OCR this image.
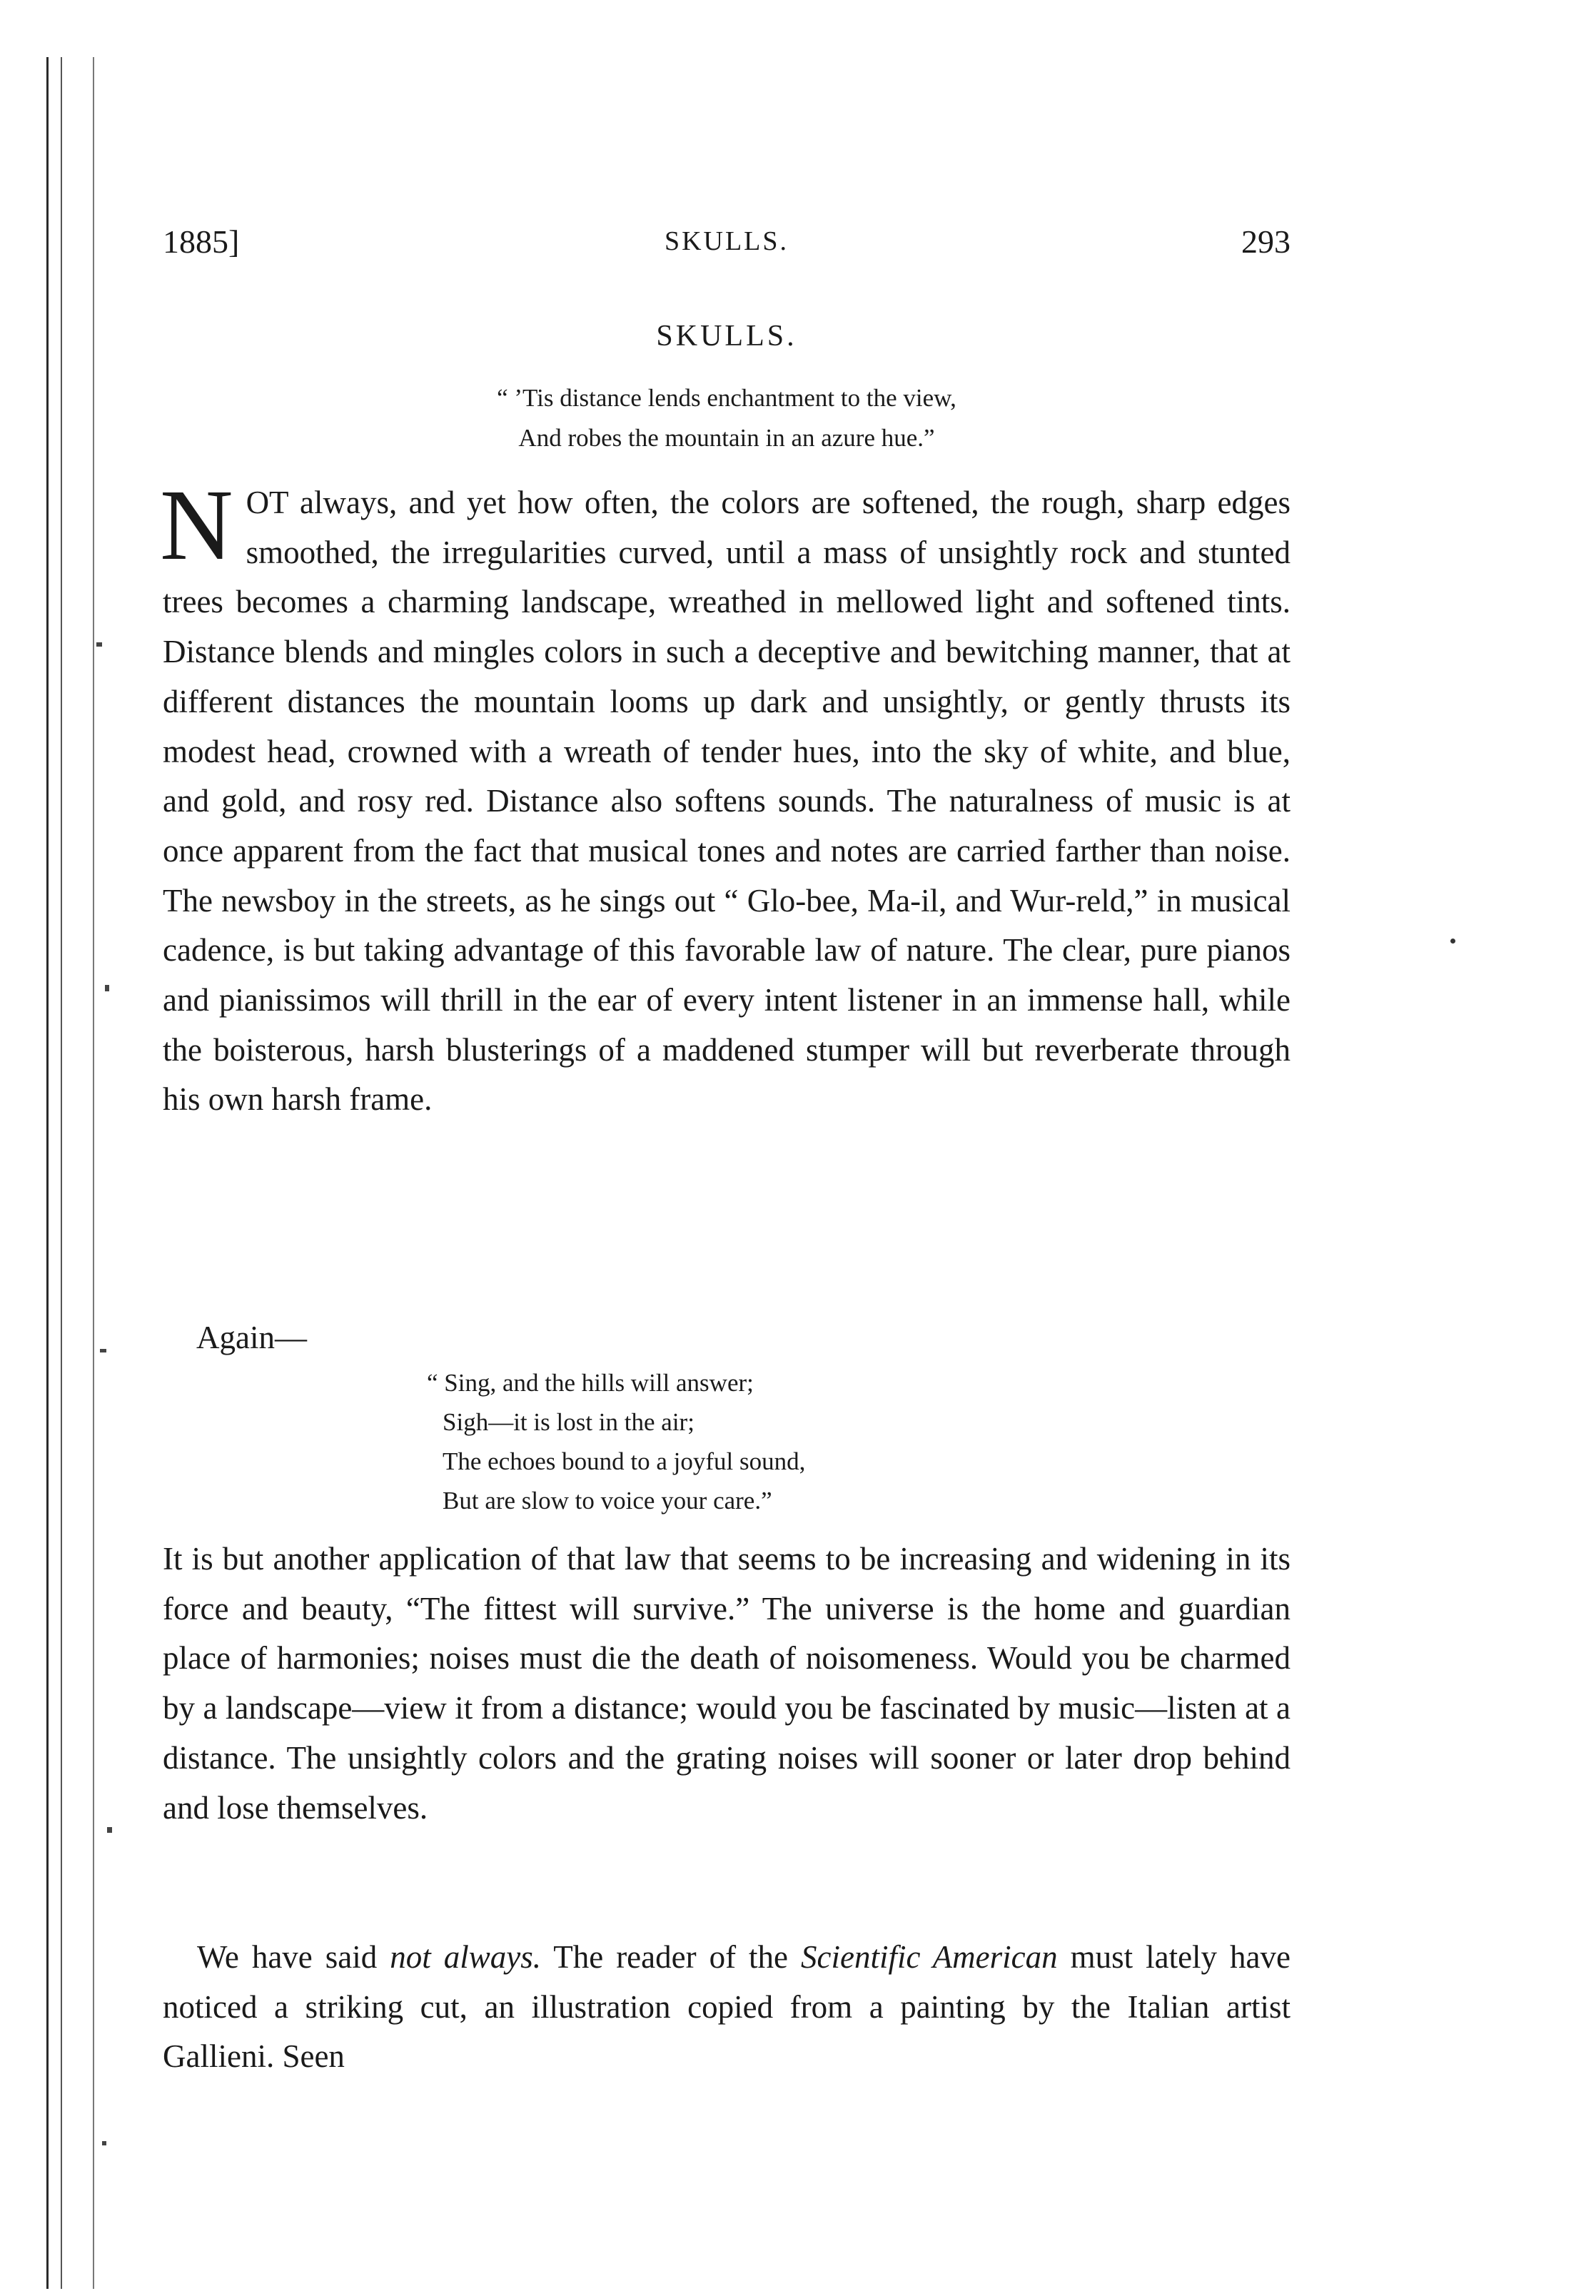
1885]	SKULLS.	293
SKULLS.
“ ’Tis distance lends enchantment to the view,
And robes the mountain in an azure hue.”

NOT always, and yet how often, the colors are softened, the rough, sharp edges smoothed, the irregularities curved, until a mass of unsightly rock and stunted trees becomes a charming landscape, wreathed in mellowed light and softened tints. Distance blends and mingles colors in such a deceptive and bewitching manner, that at different distances the mountain looms up dark and unsightly, or gently thrusts its modest head, crowned with a wreath of tender hues, into the sky of white, and blue, and gold, and rosy red. Distance also softens sounds. The naturalness of music is at once apparent from the fact that musical tones and notes are carried farther than noise. The newsboy in the streets, as he sings out “ Glo-bee, Ma-il, and Wur-reld,” in musical cadence, is but taking advantage of this favorable law of nature. The clear, pure pianos and pianissimos will thrill in the ear of every intent listener in an immense hall, while the boisterous, harsh blusterings of a maddened stumper will but reverberate through his own harsh frame.

Again—
“ Sing, and the hills will answer;
Sigh—it is lost in the air;
The echoes bound to a joyful sound,
But are slow to voice your care.”

It is but another application of that law that seems to be increasing and widening in its force and beauty, “The fittest will survive.” The universe is the home and guardian place of harmonies; noises must die the death of noisomeness. Would you be charmed by a landscape—view it from a distance; would you be fascinated by music—listen at a distance. The unsightly colors and the grating noises will sooner or later drop behind and lose themselves.

We have said not always. The reader of the Scientific American must lately have noticed a striking cut, an illustration copied from a painting by the Italian artist Gallieni. Seen
